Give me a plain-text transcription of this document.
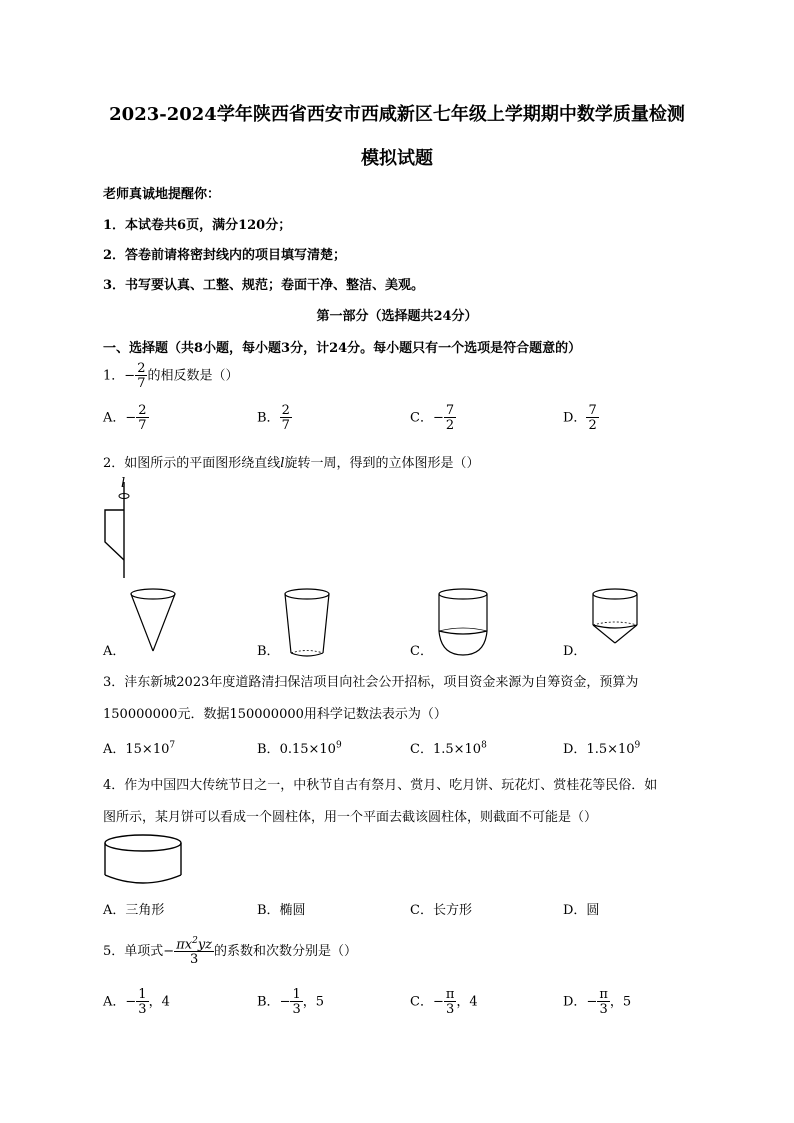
2023-2024学年陕西省西安市西咸新区七年级上学期期中数学质量检测
模拟试题
老师真诚地提醒你：
1．本试卷共6页，满分120分；
2．答卷前请将密封线内的项目填写清楚；
3．书写要认真、工整、规范；卷面干净、整洁、美观。
第一部分（选择题共24分）
一、选择题（共8小题，每小题3分，计24分。每小题只有一个选项是符合题意的）
1．− $\frac{2}{7}$ 的相反数是（）
A．− $\frac{2}{7}$	B． $\frac{2}{7}$	C．− $\frac{7}{2}$	D． $\frac{7}{2}$
2．如图所示的平面图形绕直线l旋转一周，得到的立体图形是（）
l
A．	B．	C．	D．
3．沣东新城2023年度道路清扫保洁项目向社会公开招标，项目资金来源为自筹资金，预算为
150000000元．数据150000000用科学记数法表示为（）
A．$15\times 10^7$	B．$0.15\times 10^9$	C．$1.5\times 10^8$	D．$1.5\times 10^9$
4．作为中国四大传统节日之一，中秋节自古有祭月、赏月、吃月饼、玩花灯、赏桂花等民俗．如
图所示，某月饼可以看成一个圆柱体，用一个平面去截该圆柱体，则截面不可能是（）
A．三角形	B．椭圆	C．长方形	D．圆
5．单项式− $\frac{\pi x^2yz}{3}$ 的系数和次数分别是（）
A．− $\frac{1}{3}$ ，4	B．− $\frac{1}{3}$ ，5	C．− $\frac{\pi}{3}$ ，4	D．− $\frac{\pi}{3}$ ，5
